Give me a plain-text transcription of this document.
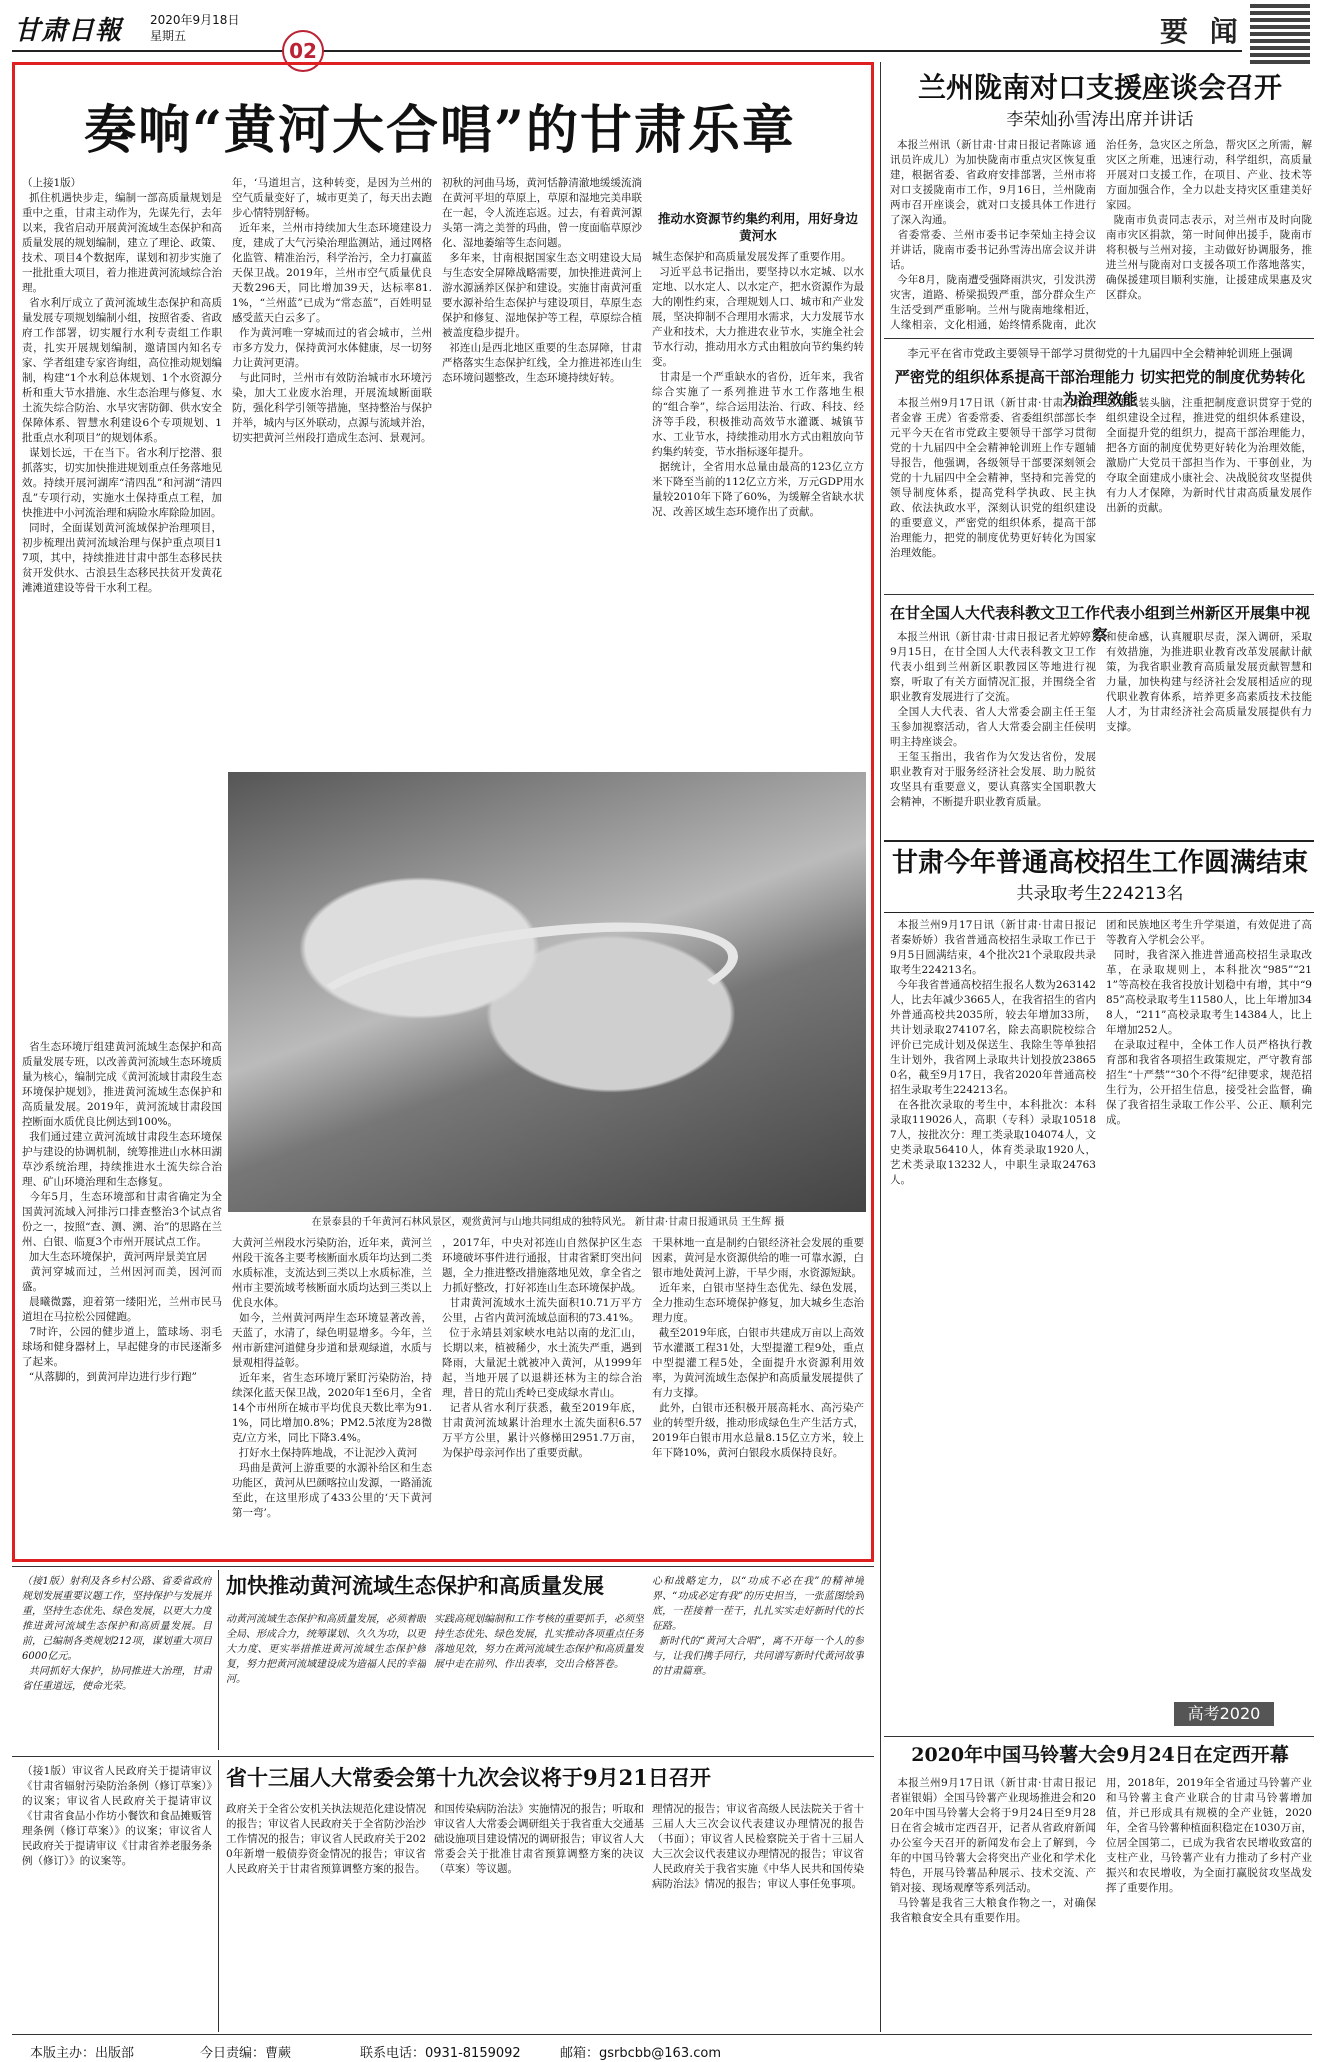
甘肃日報 2020年9月18日
星期五	要 闻
02
奏响“黄河大合唱”的甘肃乐章
（上接1版）
抓住机遇快步走，编制一部高质量规划是重中之重，甘肃主动作为，先谋先行，去年以来，我省启动开展黄河流域生态保护和高质量发展的规划编制，建立了理论、政策、技术、项目4个数据库，谋划和初步实施了一批批重大项目，着力推进黄河流域综合治理。
省水利厅成立了黄河流域生态保护和高质量发展专项规划编制小组，按照省委、省政府工作部署，切实履行水利专责组工作职责，扎实开展规划编制，邀请国内知名专家、学者组建专家咨询组，高位推动规划编制，构建“1个水利总体规划、1个水资源分析和重大节水措施、水生态治理与修复、水土流失综合防治、水旱灾害防御、供水安全保障体系、智慧水利建设6个专项规划、1批重点水利项目”的规划体系。
谋划长远，干在当下。省水利厅挖潜、狠抓落实，切实加快推进规划重点任务落地见效。持续开展河湖库“清四乱”和河湖“清四乱”专项行动，实施水土保持重点工程，加快推进中小河流治理和病险水库除险加固。
同时，全面谋划黄河流域保护治理项目，初步梳理出黄河流域治理与保护重点项目17项，其中，持续推进甘肃中部生态移民扶贫开发供水、古浪县生态移民扶贫开发黄花滩滩道建设等骨干水利工程。
年，‘马道坦言，这种转变，是因为兰州的空气质量变好了，城市更美了，每天出去跑步心情特别舒畅。
近年来，兰州市持续加大生态环境建设力度，建成了大气污染治理监测站，通过网格化监管、精准治污，科学治污，全力打赢蓝天保卫战。2019年，兰州市空气质量优良天数296天，同比增加39天，达标率81.1%，“兰州蓝”已成为“常态蓝”，百姓明显感受蓝天白云多了。
作为黄河唯一穿城而过的省会城市，兰州市多方发力，保持黄河水体健康，尽一切努力让黄河更清。
与此同时，兰州市有效防治城市水环境污染，加大工业废水治理，开展流域断面联防，强化科学引领等措施，坚持整治与保护并举，城内与区外联动，点源与流域并治，切实把黄河兰州段打造成生态河、景观河。
初秋的河曲马场，黄河恬静清澈地缓缓流淌在黄河平坦的草原上，草原和湿地完美串联在一起，令人流连忘返。过去，有着黄河源头第一湾之美誉的玛曲，曾一度面临草原沙化、湿地萎缩等生态问题。
多年来，甘南根据国家生态文明建设大局与生态安全屏障战略需要，加快推进黄河上游水源涵养区保护和建设。实施甘南黄河重要水源补给生态保护与建设项目，草原生态保护和修复、湿地保护等工程，草原综合植被盖度稳步提升。
祁连山是西北地区重要的生态屏障，甘肃严格落实生态保护红线，全力推进祁连山生态环境问题整改，生态环境持续好转。
推动水资源节约集约利用，用好身边黄河水
城生态保护和高质量发展发挥了重要作用。
习近平总书记指出，要坚持以水定城、以水定地、以水定人、以水定产，把水资源作为最大的刚性约束，合理规划人口、城市和产业发展，坚决抑制不合理用水需求，大力发展节水产业和技术，大力推进农业节水，实施全社会节水行动，推动用水方式由粗放向节约集约转变。
甘肃是一个严重缺水的省份，近年来，我省综合实施了一系列推进节水工作落地生根的“组合拳”，综合运用法治、行政、科技、经济等手段，积极推动高效节水灌溉、城镇节水、工业节水，持续推动用水方式由粗放向节约集约转变，节水指标逐年提升。
据统计，全省用水总量由最高的123亿立方米下降至当前的112亿立方米，万元GDP用水量较2010年下降了60%，为缓解全省缺水状况、改善区域生态环境作出了贡献。
在景泰县的千年黄河石林风景区，观赏黄河与山地共同组成的独特风光。 新甘肃·甘肃日报通讯员 王生辉 摄
大黄河兰州段水污染防治，近年来，黄河兰州段干流各主要考核断面水质年均达到二类水质标准，支流达到三类以上水质标准，兰州市主要流域考核断面水质均达到三类以上优良水体。
如今，兰州黄河两岸生态环境显著改善，天蓝了，水清了，绿色明显增多。今年，兰州市新建河道健身步道和景观绿道，水质与景观相得益彰。
近年来，省生态环境厅紧盯污染防治，持续深化蓝天保卫战，2020年1至6月，全省14个市州所在城市平均优良天数比率为91.1%，同比增加0.8%；PM2.5浓度为28微克/立方米，同比下降3.4%。
打好水土保持阵地战，不让泥沙入黄河
玛曲是黄河上游重要的水源补给区和生态功能区，黄河从巴颜喀拉山发源，一路涌流至此，在这里形成了433公里的‘天下黄河第一弯’。
，2017年，中央对祁连山自然保护区生态环境破坏事件进行通报，甘肃省紧盯突出问题，全力推进整改措施落地见效，拿全省之力抓好整改，打好祁连山生态环境保护战。
甘肃黄河流域水土流失面积10.71万平方公里，占省内黄河流域总面积的73.41%。
位于永靖县刘家峡水电站以南的龙汇山，长期以来，植被稀少，水土流失严重，遇到降雨，大量泥土就被冲入黄河，从1999年起，当地开展了以退耕还林为主的综合治理，昔日的荒山秃岭已变成绿水青山。
记者从省水利厅获悉，截至2019年底，甘肃黄河流域累计治理水土流失面积6.57万平方公里，累计兴修梯田2951.7万亩，为保护母亲河作出了重要贡献。
干果林地一直是制约白银经济社会发展的重要因素，黄河是水资源供给的唯一可靠水源，白银市地处黄河上游，干旱少雨，水资源短缺。
近年来，白银市坚持生态优先、绿色发展，全力推动生态环境保护修复，加大城乡生态治理力度。
截至2019年底，白银市共建成万亩以上高效节水灌溉工程31处，大型提灌工程9处，重点中型提灌工程5处，全面提升水资源利用效率，为黄河流域生态保护和高质量发展提供了有力支撑。
此外，白银市还积极开展高耗水、高污染产业的转型升级，推动形成绿色生产生活方式，2019年白银市用水总量8.15亿立方米，较上年下降10%，黄河白银段水质保持良好。
省生态环境厅组建黄河流域生态保护和高质量发展专班，以改善黄河流域生态环境质量为核心，编制完成《黄河流域甘肃段生态环境保护规划》，推进黄河流域生态保护和高质量发展。2019年，黄河流域甘肃段国控断面水质优良比例达到100%。
我们通过建立黄河流域甘肃段生态环境保护与建设的协调机制，统筹推进山水林田湖草沙系统治理，持续推进水土流失综合治理、矿山环境治理和生态修复。
今年5月，生态环境部和甘肃省确定为全国黄河流域入河排污口排查整治3个试点省份之一，按照“查、测、溯、治”的思路在兰州、白银、临夏3个市州开展试点工作。
加大生态环境保护，黄河两岸景美宜居
黄河穿城而过，兰州因河而美，因河而盛。
晨曦微露，迎着第一缕阳光，兰州市民马道坦在马拉松公园健跑。
7时许，公园的健步道上，篮球场、羽毛球场和健身器材上，早起健身的市民逐渐多了起来。
“从落脚的，到黄河岸边进行步行跑”
（接1版）射利及各乡村公路、省委省政府规划发展重要议题工作，坚持保护与发展并重，坚持生态优先、绿色发展，以更大力度推进黄河流域生态保护和高质量发展。目前，已编制各类规划212项，谋划重大项目6000亿元。
共同抓好大保护，协同推进大治理，甘肃省任重道远，使命光荣。
加快推动黄河流域生态保护和高质量发展
动黄河流域生态保护和高质量发展，必须着眼全局、形成合力，统筹谋划、久久为功，以更大力度、更实举措推进黄河流域生态保护修复，努力把黄河流域建设成为造福人民的幸福河。
实践高规划编制和工作考核的重要抓手，必须坚持生态优先、绿色发展，扎实推动各项重点任务落地见效，努力在黄河流域生态保护和高质量发展中走在前列、作出表率，交出合格答卷。
心和战略定力，以“功成不必在我”的精神境界、“功成必定有我”的历史担当，一张蓝图绘到底，一茬接着一茬干，扎扎实实走好新时代的长征路。
新时代的“黄河大合唱”，离不开每一个人的参与，让我们携手同行，共同谱写新时代黄河故事的甘肃篇章。
（接1版）审议省人民政府关于提请审议《甘肃省辐射污染防治条例（修订草案）》的议案；审议省人民政府关于提请审议《甘肃省食品小作坊小餐饮和食品摊贩管理条例（修订草案）》的议案；审议省人民政府关于提请审议《甘肃省养老服务条例（修订）》的议案等。
省十三届人大常委会第十九次会议将于9月21日召开
政府关于全省公安机关执法规范化建设情况的报告；审议省人民政府关于全省防沙治沙工作情况的报告；审议省人民政府关于2020年新增一般债券资金情况的报告；审议省人民政府关于甘肃省预算调整方案的报告。
和国传染病防治法》实施情况的报告；听取和审议省人大常委会调研组关于我省重大交通基础设施项目建设情况的调研报告；审议省人大常委会关于批准甘肃省预算调整方案的决议（草案）等议题。
理情况的报告；审议省高级人民法院关于省十三届人大三次会议代表建议办理情况的报告（书面）；审议省人民检察院关于省十三届人大三次会议代表建议办理情况的报告；审议省人民政府关于我省实施《中华人民共和国传染病防治法》情况的报告；审议人事任免事项。
兰州陇南对口支援座谈会召开
李荣灿孙雪涛出席并讲话
本报兰州讯（新甘肃·甘肃日报记者陈谚 通讯员许成儿）为加快陇南市重点灾区恢复重建，根据省委、省政府安排部署，兰州市将对口支援陇南市工作，9月16日，兰州陇南两市召开座谈会，就对口支援具体工作进行了深入沟通。
省委常委、兰州市委书记李荣灿主持会议并讲话，陇南市委书记孙雪涛出席会议并讲话。
今年8月，陇南遭受强降雨洪灾，引发洪涝灾害，道路、桥梁损毁严重，部分群众生产生活受到严重影响。兰州与陇南地缘相近，人缘相亲，文化相通，始终情系陇南，此次
治任务，急灾区之所急，帮灾区之所需，解灾区之所难，迅速行动，科学组织，高质量开展对口支援工作，在项目、产业、技术等方面加强合作，全力以赴支持灾区重建美好家园。
陇南市负责同志表示，对兰州市及时向陇南市灾区捐款，第一时间伸出援手，陇南市将积极与兰州对接，主动做好协调服务，推进兰州与陇南对口支援各项工作落地落实，确保援建项目顺利实施，让援建成果惠及灾区群众。
李元平在省市党政主要领导干部学习贯彻党的十九届四中全会精神轮训班上强调
严密党的组织体系提高干部治理能力 切实把党的制度优势转化为治理效能
本报兰州9月17日讯（新甘肃·甘肃日报记者金睿 王虎）省委常委、省委组织部部长李元平今天在省市党政主要领导干部学习贯彻党的十九届四中全会精神轮训班上作专题辅导报告，他强调，各级领导干部要深刻领会党的十九届四中全会精神，坚持和完善党的领导制度体系，提高党科学执政、民主执政、依法执政水平，深刻认识党的组织建设的重要意义，严密党的组织体系，提高干部治理能力，把党的制度优势更好转化为国家治理效能。
思想武装头脑，注重把制度意识贯穿于党的组织建设全过程，推进党的组织体系建设，全面提升党的组织力，提高干部治理能力，把各方面的制度优势更好转化为治理效能，激励广大党员干部担当作为、干事创业，为夺取全面建成小康社会、决战脱贫攻坚提供有力人才保障，为新时代甘肃高质量发展作出新的贡献。
在甘全国人大代表科教文卫工作代表小组到兰州新区开展集中视察
本报兰州讯（新甘肃·甘肃日报记者尤婷婷）9月15日，在甘全国人大代表科教文卫工作代表小组到兰州新区职教园区等地进行视察，听取了有关方面情况汇报，并围绕全省职业教育发展进行了交流。
全国人大代表、省人大常委会副主任王玺玉参加视察活动，省人大常委会副主任侯明明主持座谈会。
王玺玉指出，我省作为欠发达省份，发展职业教育对于服务经济社会发展、助力脱贫攻坚具有重要意义，要认真落实全国职教大会精神，不断提升职业教育质量。
和使命感，认真履职尽责，深入调研，采取有效措施，为推进职业教育改革发展献计献策，为我省职业教育高质量发展贡献智慧和力量，加快构建与经济社会发展相适应的现代职业教育体系，培养更多高素质技术技能人才，为甘肃经济社会高质量发展提供有力支撑。
甘肃今年普通高校招生工作圆满结束
共录取考生224213名
本报兰州9月17日讯（新甘肃·甘肃日报记者秦娇娇）我省普通高校招生录取工作已于9月5日圆满结束，4个批次21个录取段共录取考生224213名。
今年我省普通高校招生报名人数为263142人，比去年减少3665人，在我省招生的省内外普通高校共2035所，较去年增加33所，共计划录取274107名，除去高职院校综合评价已完成计划及保送生、我除生等单独招生计划外，我省网上录取共计划投放238650名，截至9月17日，我省2020年普通高校招生录取考生224213名。
在各批次录取的考生中，本科批次：本科录取119026人，高职（专科）录取105187人，按批次分：理工类录取104074人，文史类录取56410人，体育类录取1920人，艺术类录取13232人，中职生录取24763人。
团和民族地区考生升学渠道，有效促进了高等教育入学机会公平。
同时，我省深入推进普通高校招生录取改革，在录取规则上，本科批次“985”“211”等高校在我省投放计划稳中有增，其中“985”高校录取考生11580人，比上年增加348人，“211”高校录取考生14384人，比上年增加252人。
在录取过程中，全体工作人员严格执行教育部和我省各项招生政策规定，严守教育部招生“十严禁”“30个不得”纪律要求，规范招生行为，公开招生信息，接受社会监督，确保了我省招生录取工作公平、公正、顺利完成。
高考2020
2020年中国马铃薯大会9月24日在定西开幕
本报兰州9月17日讯（新甘肃·甘肃日报记者崔银娟）全国马铃薯产业现场推进会和2020年中国马铃薯大会将于9月24日至9月28日在省会城市定西召开，记者从省政府新闻办公室今天召开的新闻发布会上了解到，今年的中国马铃薯大会将突出产业化和学术化特色，开展马铃薯品种展示、技术交流、产销对接、现场观摩等系列活动。
马铃薯是我省三大粮食作物之一，对确保我省粮食安全具有重要作用。
用，2018年，2019年全省通过马铃薯产业和马铃薯主食产业联合的甘肃马铃薯增加值，并已形成具有规模的全产业链，2020年，全省马铃薯种植面积稳定在1030万亩，位居全国第二，已成为我省农民增收致富的支柱产业，马铃薯产业有力推动了乡村产业振兴和农民增收，为全面打赢脱贫攻坚战发挥了重要作用。
本版主办：出版部	今日责编：曹蕨	联系电话：0931-8159092	邮箱：gsrbcbb@163.com
